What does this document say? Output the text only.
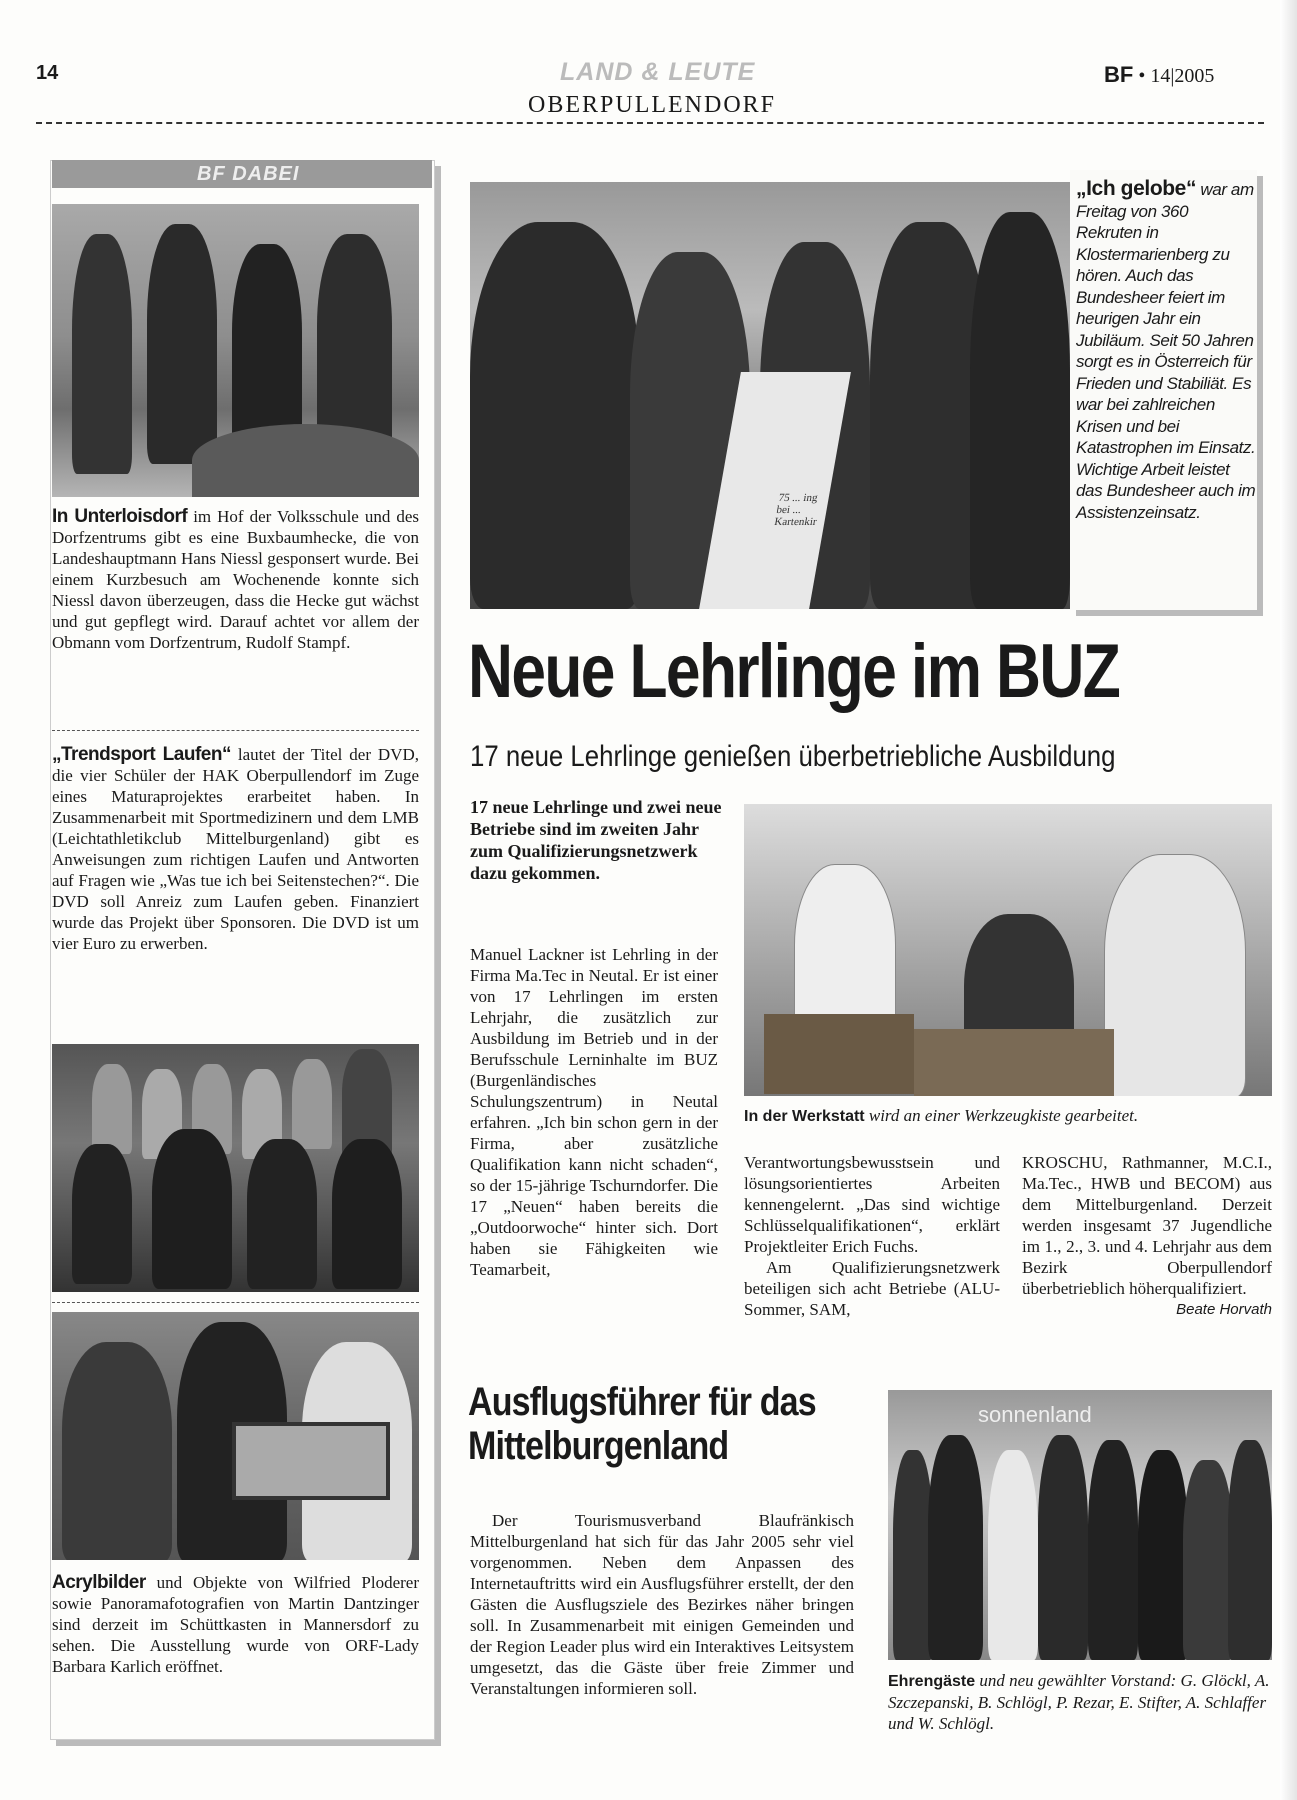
14	LAND & LEUTE	BF • 14|2005
OBERPULLENDORF
BF DABEI
In Unterloisdorf im Hof der Volksschule und des Dorfzentrums gibt es eine Buxbaumhecke, die von Landeshauptmann Hans Niessl gesponsert wurde. Bei einem Kurzbesuch am Wochenende konnte sich Niessl davon überzeugen, dass die Hecke gut wächst und gut gepflegt wird. Darauf achtet vor allem der Obmann vom Dorfzentrum, Rudolf Stampf.
„Trendsport Laufen“ lautet der Titel der DVD, die vier Schüler der HAK Oberpullendorf im Zuge eines Maturaprojektes erarbeitet haben. In Zusammenarbeit mit Sportmedizinern und dem LMB (Leichtathletikclub Mittelburgenland) gibt es Anweisungen zum richtigen Laufen und Antworten auf Fragen wie „Was tue ich bei Seitenstechen?“. Die DVD soll Anreiz zum Laufen geben. Finanziert wurde das Projekt über Sponsoren. Die DVD ist um vier Euro zu erwerben.
Acrylbilder und Objekte von Wilfried Ploderer sowie Panoramafotografien von Martin Dantzinger sind derzeit im Schüttkasten in Mannersdorf zu sehen. Die Ausstellung wurde von ORF-Lady Barbara Karlich eröffnet.
75 ... ing bei ... Kartenkir
„Ich gelobe“ war am Freitag von 360 Rekruten in Klostermarienberg zu hören. Auch das Bundesheer feiert im heurigen Jahr ein Jubiläum. Seit 50 Jahren sorgt es in Österreich für Frieden und Stabiliät. Es war bei zahlreichen Krisen und bei Katastrophen im Einsatz. Wichtige Arbeit leistet das Bundesheer auch im Assistenzeinsatz.
Neue Lehrlinge im BUZ
17 neue Lehrlinge genießen überbetriebliche Ausbildung
17 neue Lehrlinge und zwei neue Betriebe sind im zweiten Jahr zum Qualifizierungsnetzwerk dazu gekommen.
Manuel Lackner ist Lehrling in der Firma Ma.Tec in Neutal. Er ist einer von 17 Lehrlingen im ersten Lehrjahr, die zusätzlich zur Ausbildung im Betrieb und in der Berufsschule Lerninhalte im BUZ (Burgenländisches Schulungszentrum) in Neutal erfahren. „Ich bin schon gern in der Firma, aber zusätzliche Qualifikation kann nicht schaden“, so der 15-jährige Tschurndorfer. Die 17 „Neuen“ haben bereits die „Outdoorwoche“ hinter sich. Dort haben sie Fähigkeiten wie Teamarbeit,
In der Werkstatt wird an einer Werkzeugkiste gearbeitet.
Verantwortungsbewusstsein und lösungsorientiertes Arbeiten kennengelernt. „Das sind wichtige Schlüsselqualifikationen“, erklärt Projektleiter Erich Fuchs.
Am Qualifizierungsnetzwerk beteiligen sich acht Betriebe (ALU-Sommer, SAM,
KROSCHU, Rathmanner, M.C.I., Ma.Tec., HWB und BECOM) aus dem Mittelburgenland. Derzeit werden insgesamt 37 Jugendliche im 1., 2., 3. und 4. Lehrjahr aus dem Bezirk Oberpullendorf überbetrieblich höherqualifiziert.
Beate Horvath
Ausflugsführer für das
Mittelburgenland
Der Tourismusverband Blaufränkisch Mittelburgenland hat sich für das Jahr 2005 sehr viel vorgenommen. Neben dem Anpassen des Internetauftritts wird ein Ausflugsführer erstellt, der den Gästen die Ausflugsziele des Bezirkes näher bringen soll. In Zusammenarbeit mit einigen Gemeinden und der Region Leader plus wird ein Interaktives Leitsystem umgesetzt, das die Gäste über freie Zimmer und Veranstaltungen informieren soll.
sonnenland
Ehrengäste und neu gewählter Vorstand: G. Glöckl, A. Szczepanski, B. Schlögl, P. Rezar, E. Stifter, A. Schlaffer und W. Schlögl.
